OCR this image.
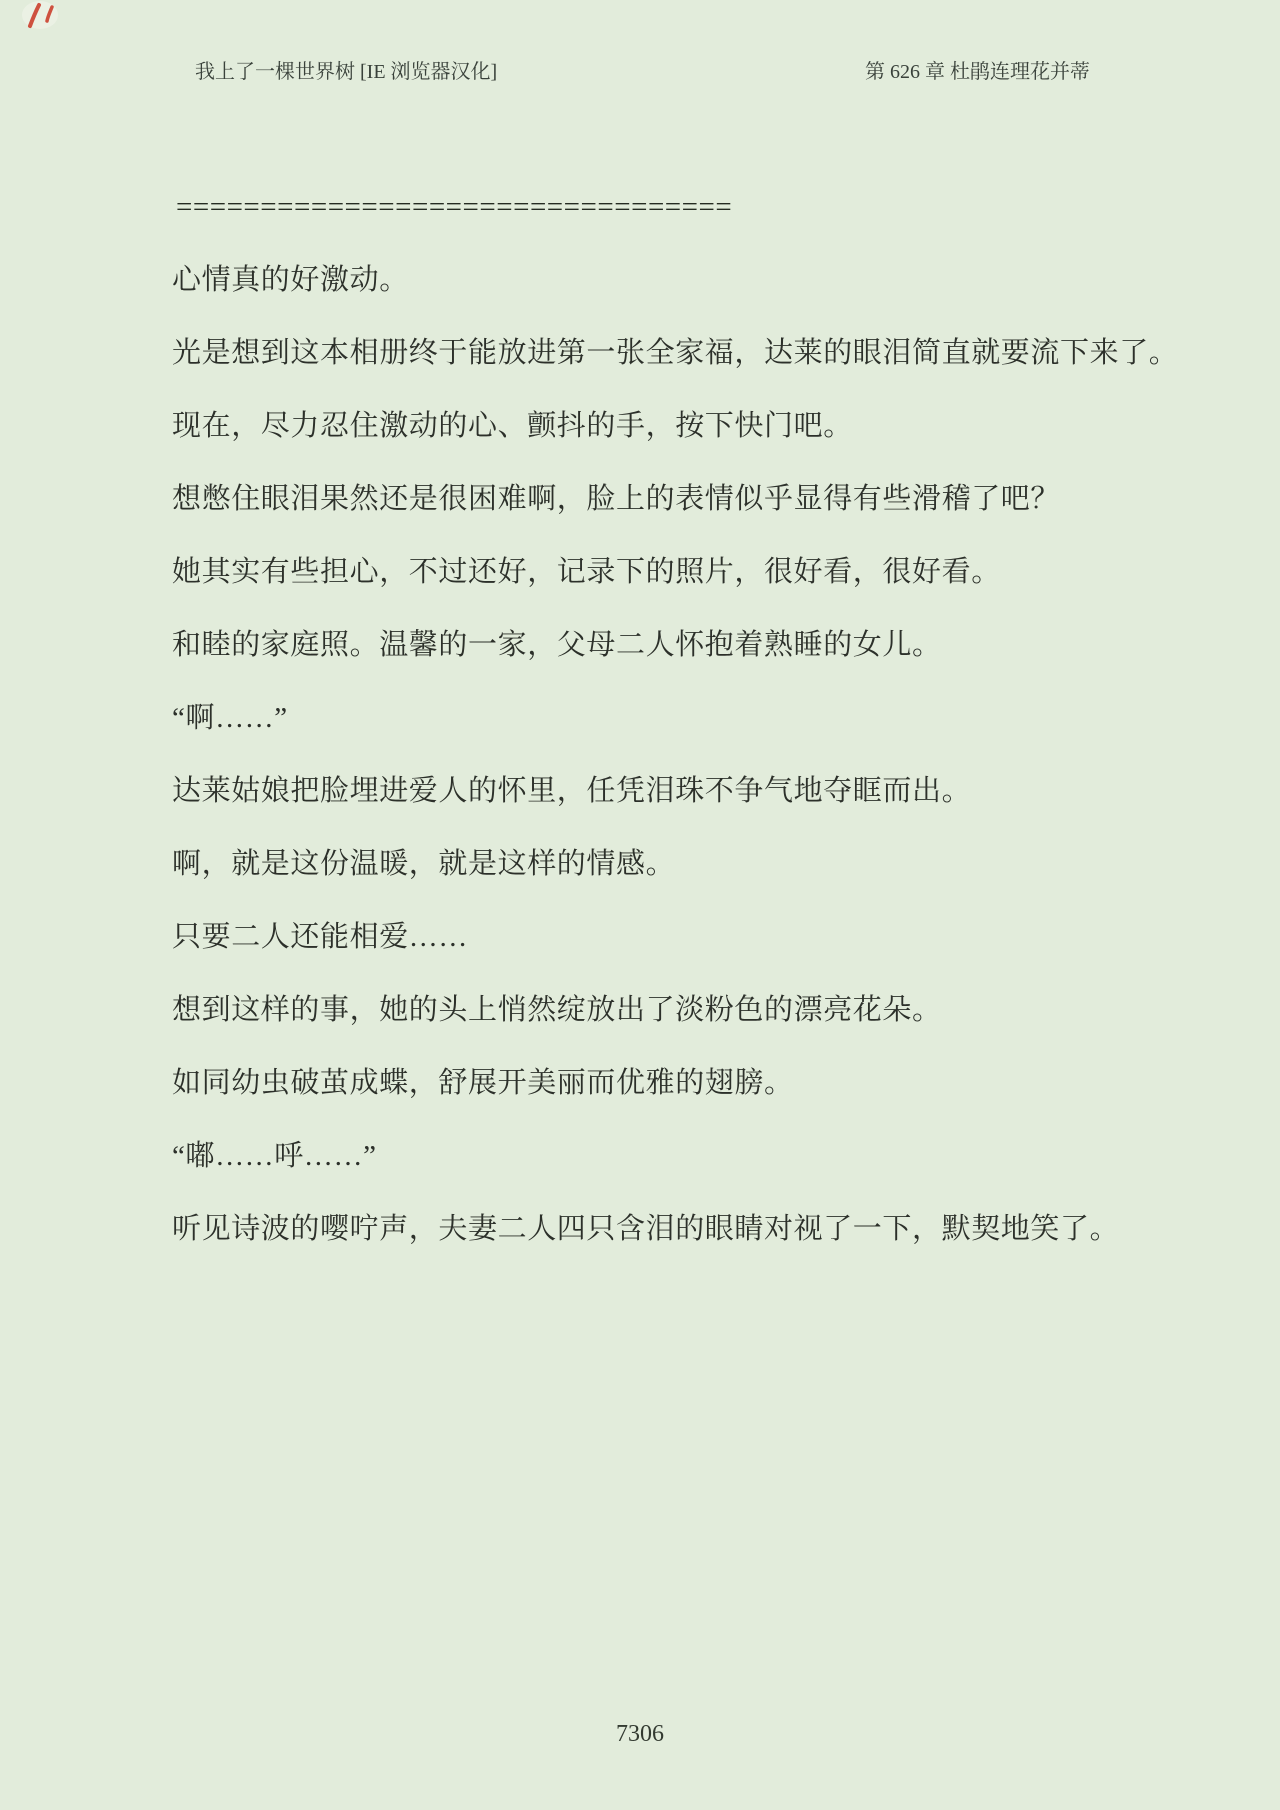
我上了一棵世界树 [IE 浏览器汉化]	第 626 章 杜鹃连理花并蒂
=================================
心情真的好激动。
光是想到这本相册终于能放进第一张全家福，达莱的眼泪简直就要流下来了。
现在，尽力忍住激动的心、颤抖的手，按下快门吧。
想憋住眼泪果然还是很困难啊，脸上的表情似乎显得有些滑稽了吧？
她其实有些担心，不过还好，记录下的照片，很好看，很好看。
和睦的家庭照。温馨的一家，父母二人怀抱着熟睡的女儿。
“啊……”
达莱姑娘把脸埋进爱人的怀里，任凭泪珠不争气地夺眶而出。
啊，就是这份温暖，就是这样的情感。
只要二人还能相爱……
想到这样的事，她的头上悄然绽放出了淡粉色的漂亮花朵。
如同幼虫破茧成蝶，舒展开美丽而优雅的翅膀。
“嘟……呼……”
听见诗波的嘤咛声，夫妻二人四只含泪的眼睛对视了一下，默契地笑了。
7306
